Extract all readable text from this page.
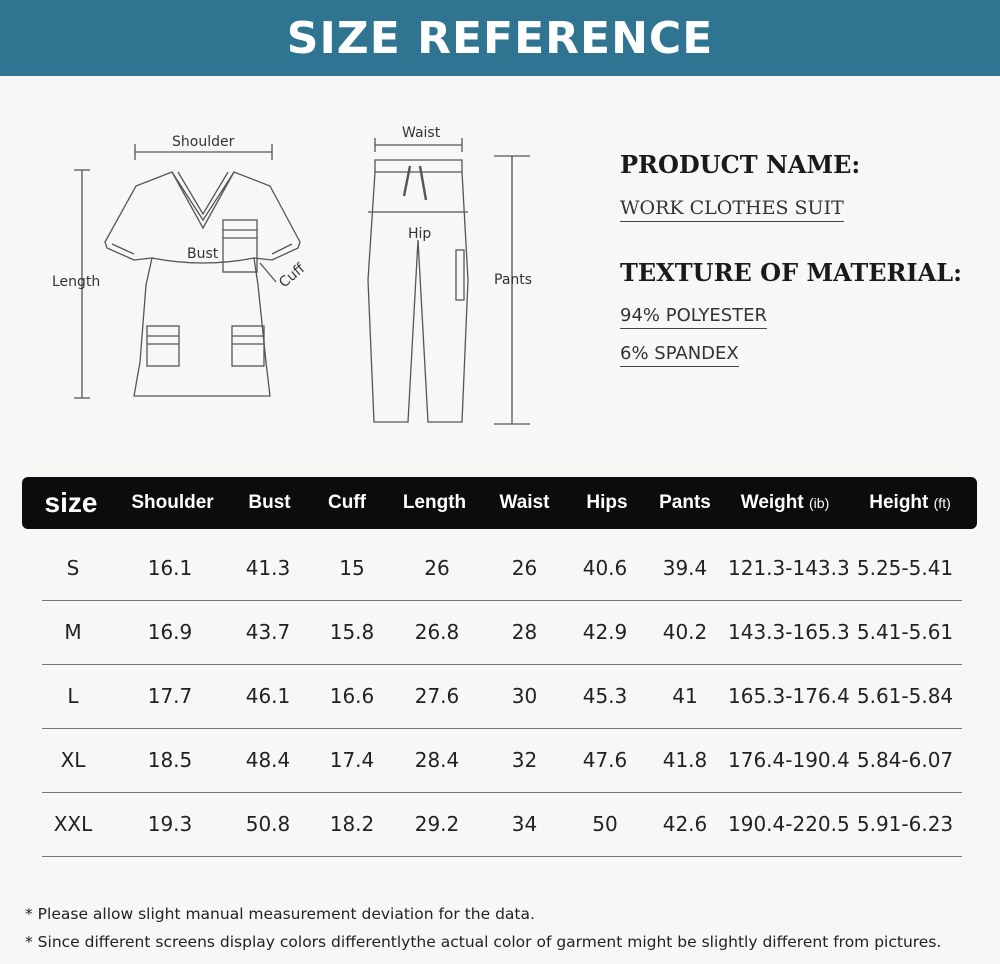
SIZE REFERENCE
Shoulder
Bust
Cuff
Length
Waist
Hip
Pants

PRODUCT NAME:

WORK CLOTHES SUIT

TEXTURE OF MATERIAL:

94% POLYESTER
6% SPANDEX
size	Shoulder	Bust	Cuff	Length	Waist	Hips	Pants	Weight (ib)	Height (ft)
S	16.1	41.3	15	26	26	40.6	39.4	121.3-143.3 5.25-5.41
M	16.9	43.7	15.8	26.8	28	42.9	40.2	143.3-165.3 5.41-5.61
L	17.7	46.1	16.6	27.6	30	45.3	41	165.3-176.4 5.61-5.84
XL	18.5	48.4	17.4	28.4	32	47.6	41.8	176.4-190.4 5.84-6.07
XXL	19.3	50.8	18.2	29.2	34	50	42.6	190.4-220.5 5.91-6.23

* Please allow slight manual measurement deviation for the data.

* Since different screens display colors differentlythe actual color of garment might be slightly different from pictures.
